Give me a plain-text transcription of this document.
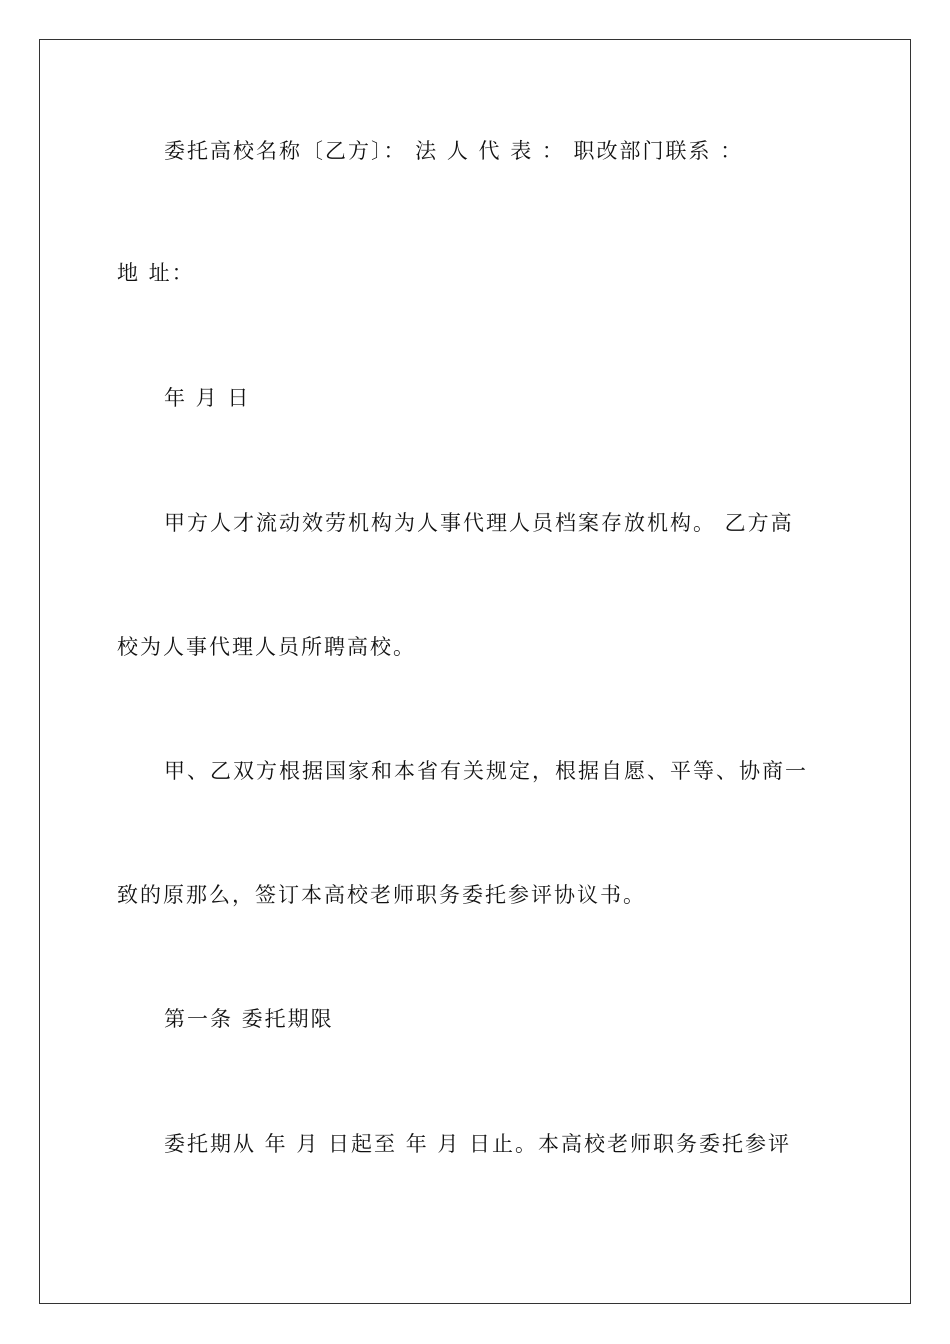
委托高校名称〔乙方〕： 法 人 代 表 ： 职改部门联系 ：

地 址：

年 月 日

甲方人才流动效劳机构为人事代理人员档案存放机构。 乙方高

校为人事代理人员所聘高校。

甲、乙双方根据国家和本省有关规定，根据自愿、平等、协商一

致的原那么，签订本高校老师职务委托参评协议书。

第一条 委托期限

委托期从 年 月 日起至 年 月 日止。本高校老师职务委托参评
